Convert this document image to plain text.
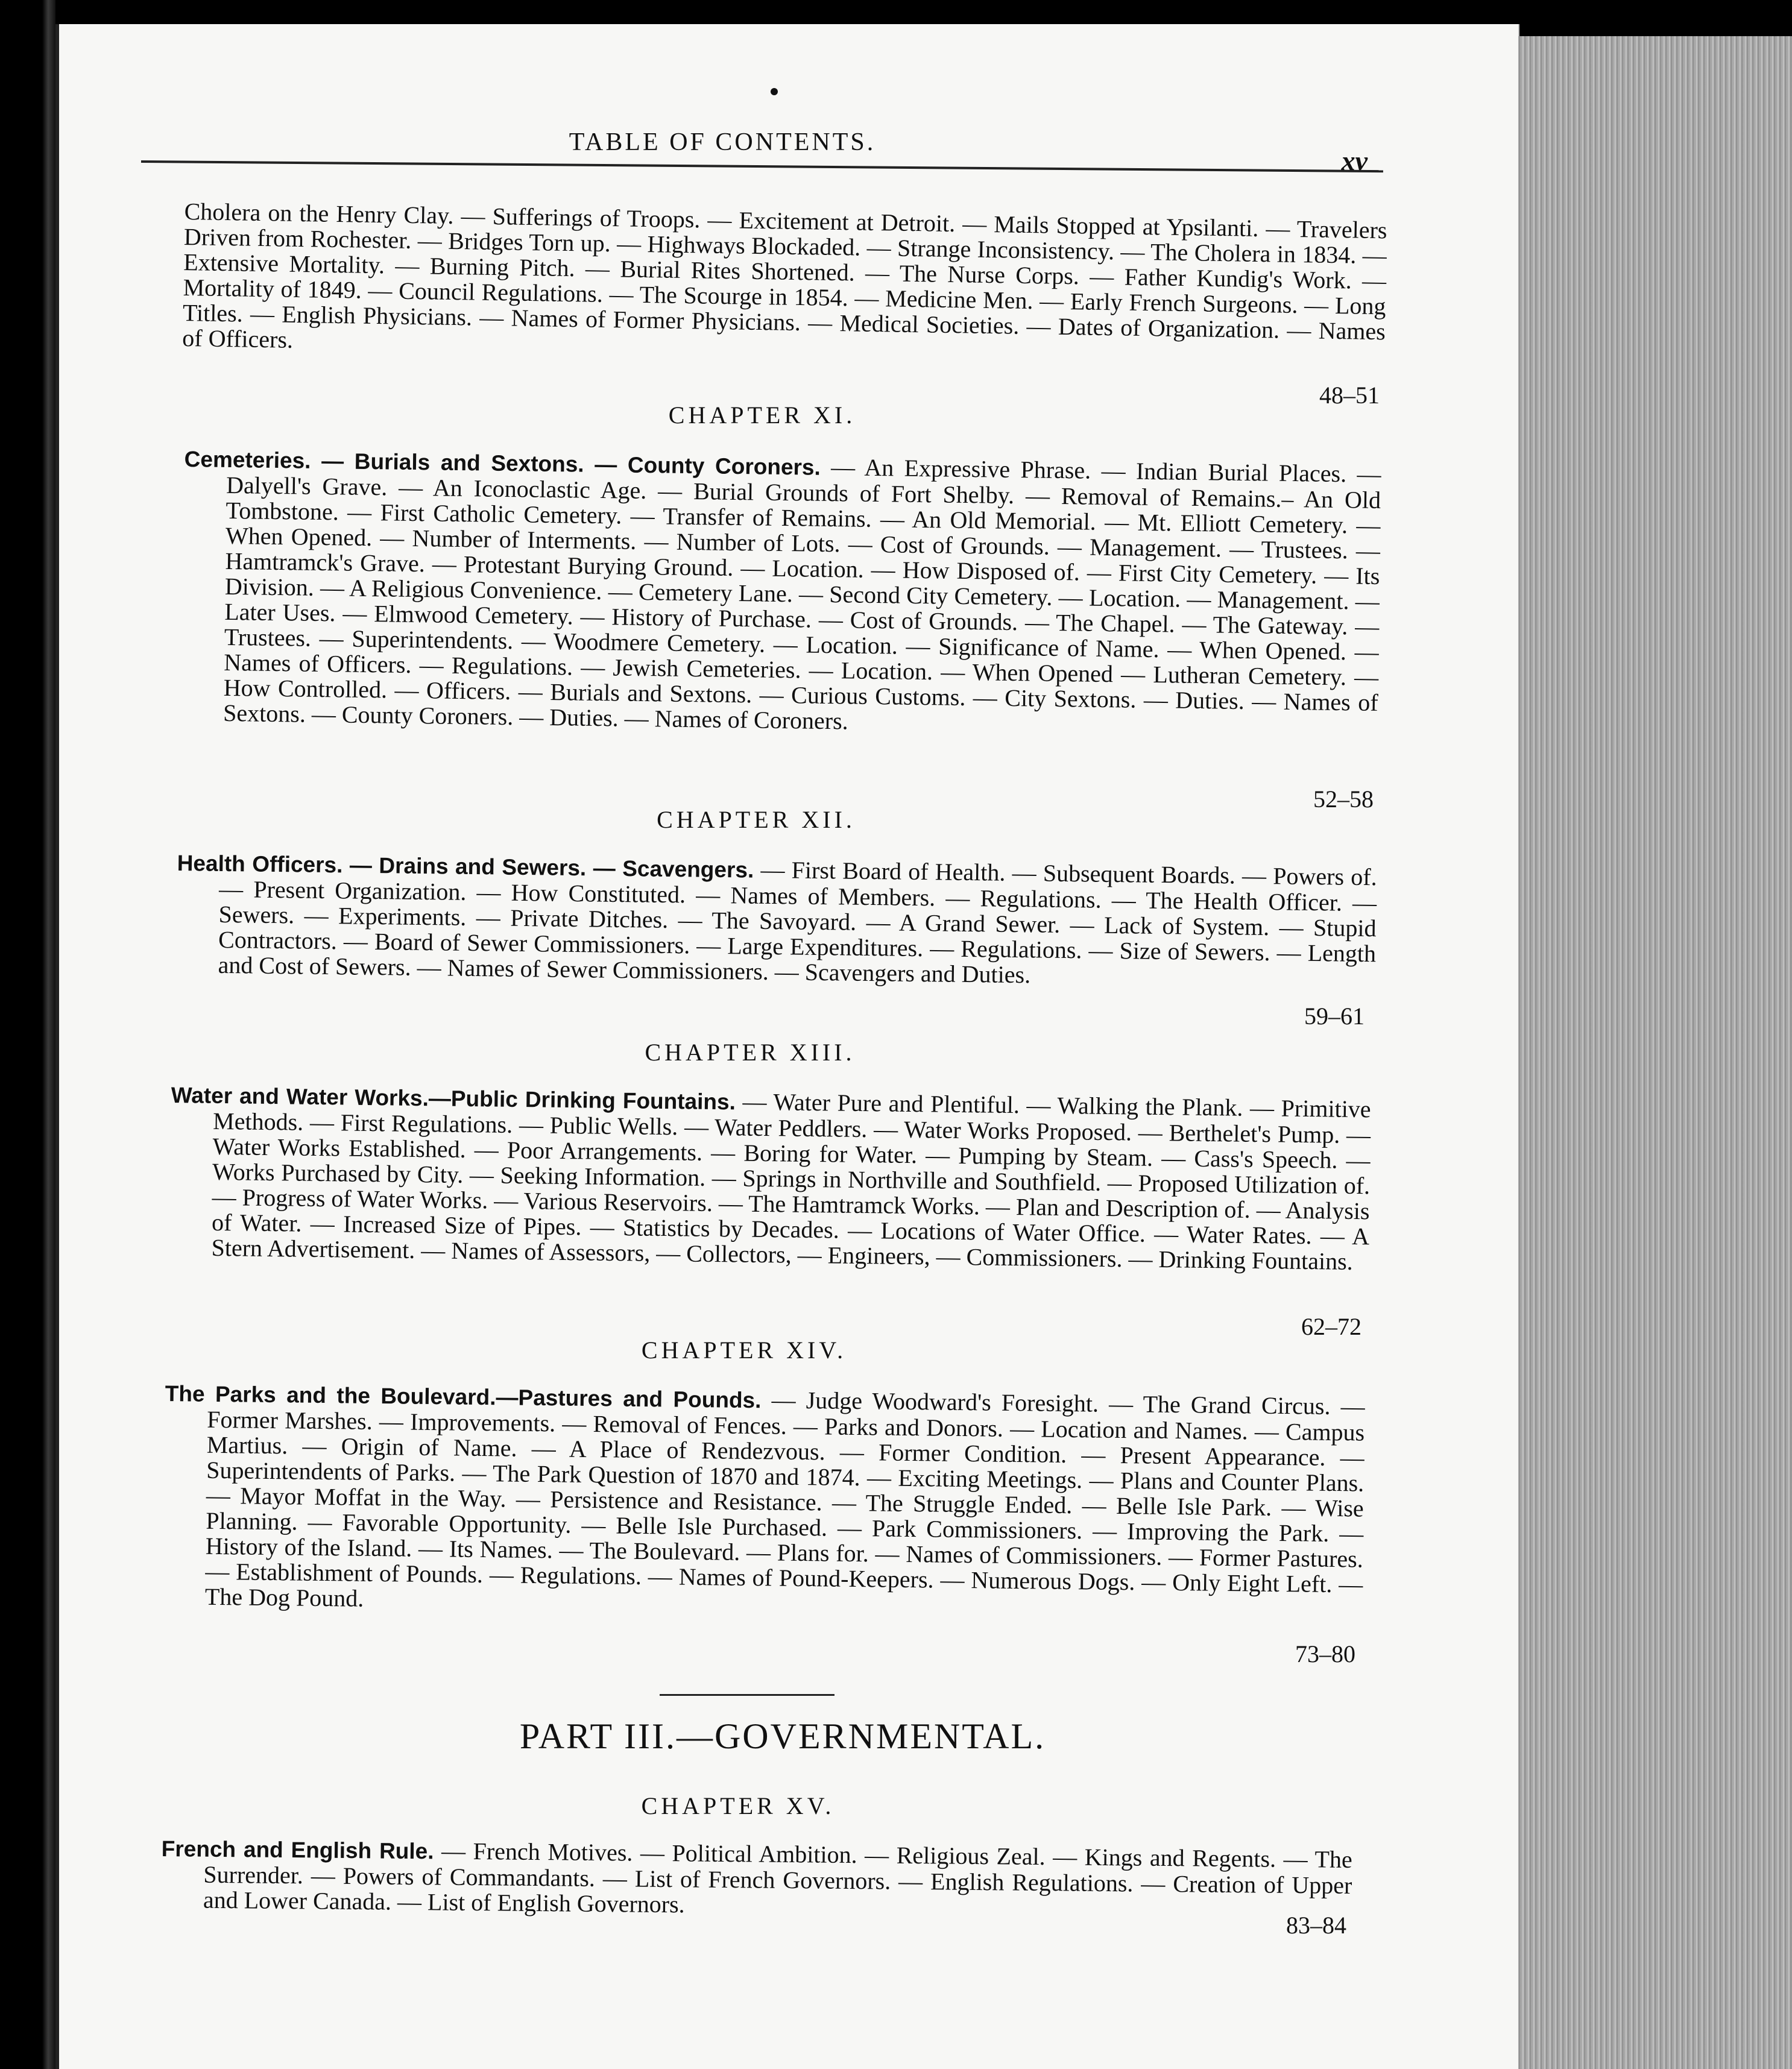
TABLE OF CONTENTS.
xv
Cholera on the Henry Clay. — Sufferings of Troops. — Excitement at Detroit. — Mails Stopped at Ypsilanti. — Travelers Driven from Rochester. — Bridges Torn up. — Highways Blockaded. — Strange Inconsistency. — The Cholera in 1834. — Extensive Mortality. — Burning Pitch. — Burial Rites Shortened. — The Nurse Corps. — Father Kundig's Work. — Mortality of 1849. — Council Regulations. — The Scourge in 1854. — Medicine Men. — Early French Surgeons. — Long Titles. — English Physicians. — Names of Former Physicians. — Medical Societies. — Dates of Organization. — Names of Officers.
48–51
CHAPTER XI.
Cemeteries. — Burials and Sextons. — County Coroners. — An Expressive Phrase. — Indian Burial Places. — Dalyell's Grave. — An Iconoclastic Age. — Burial Grounds of Fort Shelby. — Removal of Remains.– An Old Tombstone. — First Catholic Cemetery. — Transfer of Remains. — An Old Memorial. — Mt. Elliott Cemetery. — When Opened. — Number of Interments. — Number of Lots. — Cost of Grounds. — Management. — Trustees. — Hamtramck's Grave. — Protestant Burying Ground. — Location. — How Disposed of. — First City Cemetery. — Its Division. — A Religious Convenience. — Cemetery Lane. — Second City Cemetery. — Location. — Management. — Later Uses. — Elmwood Cemetery. — History of Purchase. — Cost of Grounds. — The Chapel. — The Gateway. — Trustees. — Superintendents. — Woodmere Cemetery. — Location. — Significance of Name. — When Opened. — Names of Officers. — Regulations. — Jewish Cemeteries. — Location. — When Opened — Lutheran Cemetery. — How Controlled. — Officers. — Burials and Sextons. — Curious Customs. — City Sextons. — Duties. — Names of Sextons. — County Coroners. — Duties. — Names of Coroners.
52–58
CHAPTER XII.
Health Officers. — Drains and Sewers. — Scavengers. — First Board of Health. — Subsequent Boards. — Powers of. — Present Organization. — How Constituted. — Names of Members. — Regulations. — The Health Officer. — Sewers. — Experiments. — Private Ditches. — The Savoyard. — A Grand Sewer. — Lack of System. — Stupid Contractors. — Board of Sewer Commissioners. — Large Expenditures. — Regulations. — Size of Sewers. — Length and Cost of Sewers. — Names of Sewer Commissioners. — Scavengers and Duties.
59–61
CHAPTER XIII.
Water and Water Works.—Public Drinking Fountains. — Water Pure and Plentiful. — Walking the Plank. — Primitive Methods. — First Regulations. — Public Wells. — Water Peddlers. — Water Works Proposed. — Berthelet's Pump. — Water Works Established. — Poor Arrangements. — Boring for Water. — Pumping by Steam. — Cass's Speech. — Works Purchased by City. — Seeking Information. — Springs in Northville and Southfield. — Proposed Utilization of. — Progress of Water Works. — Various Reservoirs. — The Hamtramck Works. — Plan and Description of. — Analysis of Water. — Increased Size of Pipes. — Statistics by Decades. — Locations of Water Office. — Water Rates. — A Stern Advertisement. — Names of Assessors, — Collectors, — Engineers, — Commissioners. — Drinking Fountains.
62–72
CHAPTER XIV.
The Parks and the Boulevard.—Pastures and Pounds. — Judge Woodward's Foresight. — The Grand Circus. — Former Marshes. — Improvements. — Removal of Fences. — Parks and Donors. — Location and Names. — Campus Martius. — Origin of Name. — A Place of Rendezvous. — Former Condition. — Present Appearance. — Superintendents of Parks. — The Park Question of 1870 and 1874. — Exciting Meetings. — Plans and Counter Plans. — Mayor Moffat in the Way. — Persistence and Resistance. — The Struggle Ended. — Belle Isle Park. — Wise Planning. — Favorable Opportunity. — Belle Isle Purchased. — Park Commissioners. — Improving the Park. — History of the Island. — Its Names. — The Boulevard. — Plans for. — Names of Commissioners. — Former Pastures. — Establishment of Pounds. — Regulations. — Names of Pound-Keepers. — Numerous Dogs. — Only Eight Left. — The Dog Pound.
73–80
PART III.—GOVERNMENTAL.
CHAPTER XV.
French and English Rule. — French Motives. — Political Ambition. — Religious Zeal. — Kings and Regents. — The Surrender. — Powers of Commandants. — List of French Governors. — English Regulations. — Creation of Upper and Lower Canada. — List of English Governors.
83–84
